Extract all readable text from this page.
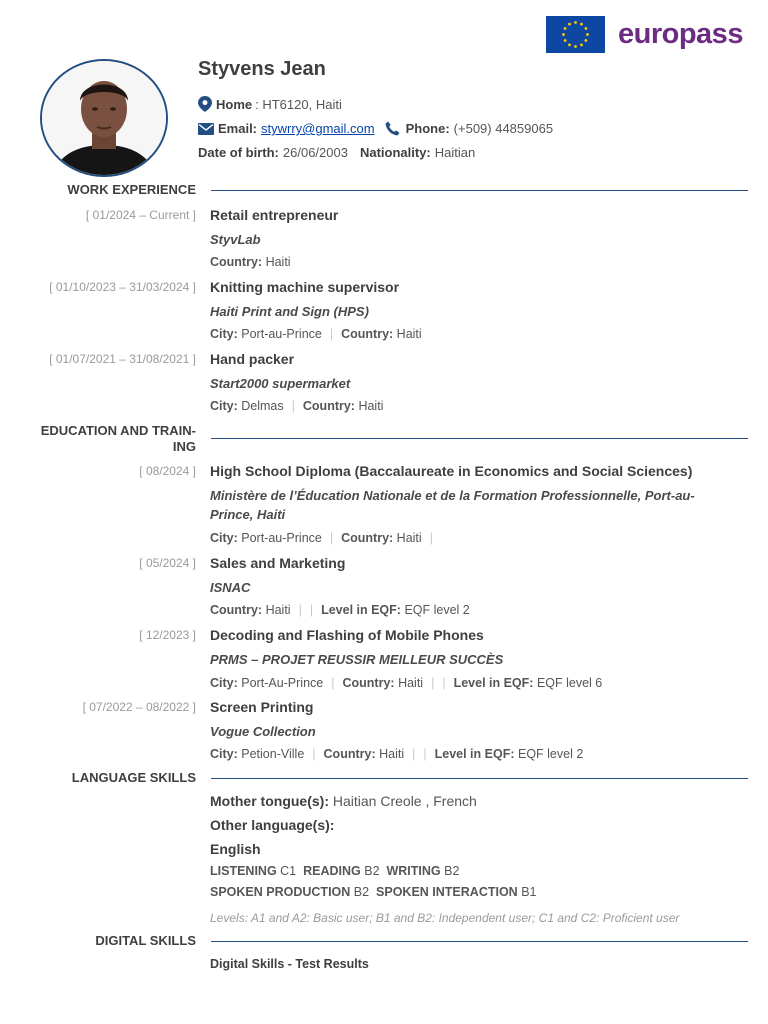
europass
Styvens Jean
Home : HT6120, Haiti
Email: stywrry@gmail.com Phone: (+509) 44859065
Date of birth: 26/06/2003 Nationality: Haitian
WORK EXPERIENCE
[ 01/2024 – Current ] Retail entrepreneur
StyvLab
Country: Haiti
[ 01/10/2023 – 31/03/2024 ] Knitting machine supervisor
Haiti Print and Sign (HPS)
City: Port-au-Prince | Country: Haiti
[ 01/07/2021 – 31/08/2021 ] Hand packer
Start2000 supermarket
City: Delmas | Country: Haiti
EDUCATION AND TRAIN-
ING
[ 08/2024 ] High School Diploma (Baccalaureate in Economics and Social Sciences)
Ministère de l’Éducation Nationale et de la Formation Professionnelle, Port-au-
Prince, Haiti
City: Port-au-Prince | Country: Haiti |
[ 05/2024 ] Sales and Marketing
ISNAC
Country: Haiti | | Level in EQF: EQF level 2
[ 12/2023 ] Decoding and Flashing of Mobile Phones
PRMS – PROJET REUSSIR MEILLEUR SUCCÈS
City: Port-Au-Prince | Country: Haiti | | Level in EQF: EQF level 6
[ 07/2022 – 08/2022 ] Screen Printing
Vogue Collection
City: Petion-Ville | Country: Haiti | | Level in EQF: EQF level 2
LANGUAGE SKILLS
Mother tongue(s): Haitian Creole , French
Other language(s):
English
LISTENING C1 READING B2 WRITING B2
SPOKEN PRODUCTION B2 SPOKEN INTERACTION B1
Levels: A1 and A2: Basic user; B1 and B2: Independent user; C1 and C2: Proficient user
DIGITAL SKILLS
Digital Skills - Test Results
